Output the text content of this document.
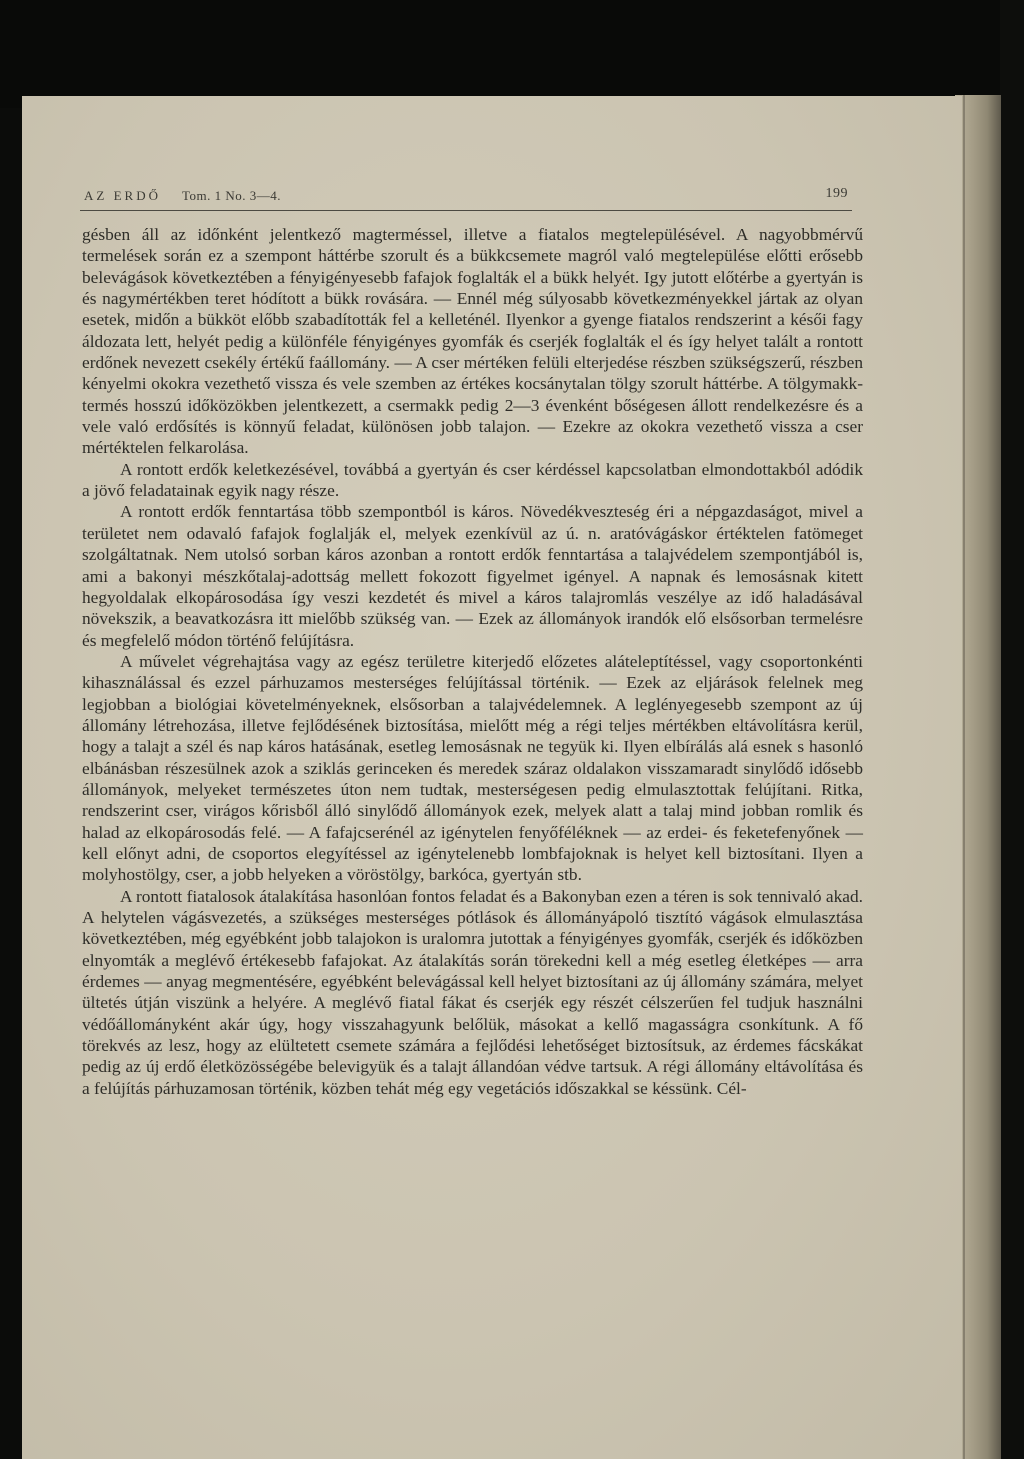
AZ ERDŐ Tom. 1 No. 3—4.	199

gésben áll az időnként jelentkező magterméssel, illetve a fiatalos megtelepülésével. A nagyobbmérvű termelések során ez a szempont háttérbe szorult és a bükkcsemete magról való megtelepülése előtti erősebb belevágások következtében a fényigényesebb fafajok foglalták el a bükk helyét. Igy jutott előtérbe a gyertyán is és nagymértékben teret hódított a bükk rovására. — Ennél még súlyosabb következményekkel jártak az olyan esetek, midőn a bükköt előbb szabadították fel a kelleténél. Ilyenkor a gyenge fiatalos rendszerint a késői fagy áldozata lett, helyét pedig a különféle fényigényes gyomfák és cserjék foglalták el és így helyet talált a rontott erdőnek nevezett csekély értékű faállomány. — A cser mértéken felüli elterjedése részben szükségszerű, részben kényelmi okokra vezethető vissza és vele szemben az értékes kocsánytalan tölgy szorult háttérbe. A tölgymakk-termés hosszú időközökben jelentkezett, a csermakk pedig 2—3 évenként bőségesen állott rendelkezésre és a vele való erdősítés is könnyű feladat, különösen jobb talajon. — Ezekre az okokra vezethető vissza a cser mértéktelen felkarolása.

A rontott erdők keletkezésével, továbbá a gyertyán és cser kérdéssel kapcsolatban elmondottakból adódik a jövő feladatainak egyik nagy része.

A rontott erdők fenntartása több szempontból is káros. Növedékveszteség éri a népgazdaságot, mivel a területet nem odavaló fafajok foglalják el, melyek ezenkívül az ú. n. aratóvágáskor értéktelen fatömeget szolgáltatnak. Nem utolsó sorban káros azonban a rontott erdők fenntartása a talajvédelem szempontjából is, ami a bakonyi mészkőtalaj-adottság mellett fokozott figyelmet igényel. A napnak és lemosásnak kitett hegyoldalak elkopárosodása így veszi kezdetét és mivel a káros talajromlás veszélye az idő haladásával növekszik, a beavatkozásra itt mielőbb szükség van. — Ezek az állományok irandók elő elsősorban termelésre és megfelelő módon történő felújításra.

A művelet végrehajtása vagy az egész területre kiterjedő előzetes aláteleptítéssel, vagy csoportonkénti kihasználással és ezzel párhuzamos mesterséges felújítással történik. — Ezek az eljárások felelnek meg legjobban a biológiai követelményeknek, elsősorban a talajvédelemnek. A leglényegesebb szempont az új állomány létrehozása, illetve fejlődésének biztosítása, mielőtt még a régi teljes mértékben eltávolításra kerül, hogy a talajt a szél és nap káros hatásának, esetleg lemosásnak ne tegyük ki. Ilyen elbírálás alá esnek s hasonló elbánásban részesülnek azok a sziklás gerinceken és meredek száraz oldalakon visszamaradt sinylődő idősebb állományok, melyeket természetes úton nem tudtak, mesterségesen pedig elmulasztottak felújítani. Ritka, rendszerint cser, virágos kőrisből álló sinylődő állományok ezek, melyek alatt a talaj mind jobban romlik és halad az elkopárosodás felé. — A fafajcserénél az igénytelen fenyőféléknek — az erdei- és feketefenyőnek — kell előnyt adni, de csoportos elegyítéssel az igénytelenebb lombfajoknak is helyet kell biztosítani. Ilyen a molyhostölgy, cser, a jobb helyeken a vöröstölgy, barkóca, gyertyán stb.

A rontott fiatalosok átalakítása hasonlóan fontos feladat és a Bakonyban ezen a téren is sok tennivaló akad. A helytelen vágásvezetés, a szükséges mesterséges pótlások és állományápoló tisztító vágások elmulasztása következtében, még egyébként jobb talajokon is uralomra jutottak a fényigényes gyomfák, cserjék és időközben elnyomták a meglévő értékesebb fafajokat. Az átalakítás során törekedni kell a még esetleg életképes — arra érdemes — anyag megmentésére, egyébként belevágással kell helyet biztosítani az új állomány számára, melyet ültetés útján viszünk a helyére. A meglévő fiatal fákat és cserjék egy részét célszerűen fel tudjuk használni védőállományként akár úgy, hogy visszahagyunk belőlük, másokat a kellő magasságra csonkítunk. A fő törekvés az lesz, hogy az elültetett csemete számára a fejlődési lehetőséget biztosítsuk, az érdemes fácskákat pedig az új erdő életközösségébe belevigyük és a talajt állandóan védve tartsuk. A régi állomány eltávolítása és a felújítás párhuzamosan történik, közben tehát még egy vegetációs időszakkal se késsünk. Cél-
